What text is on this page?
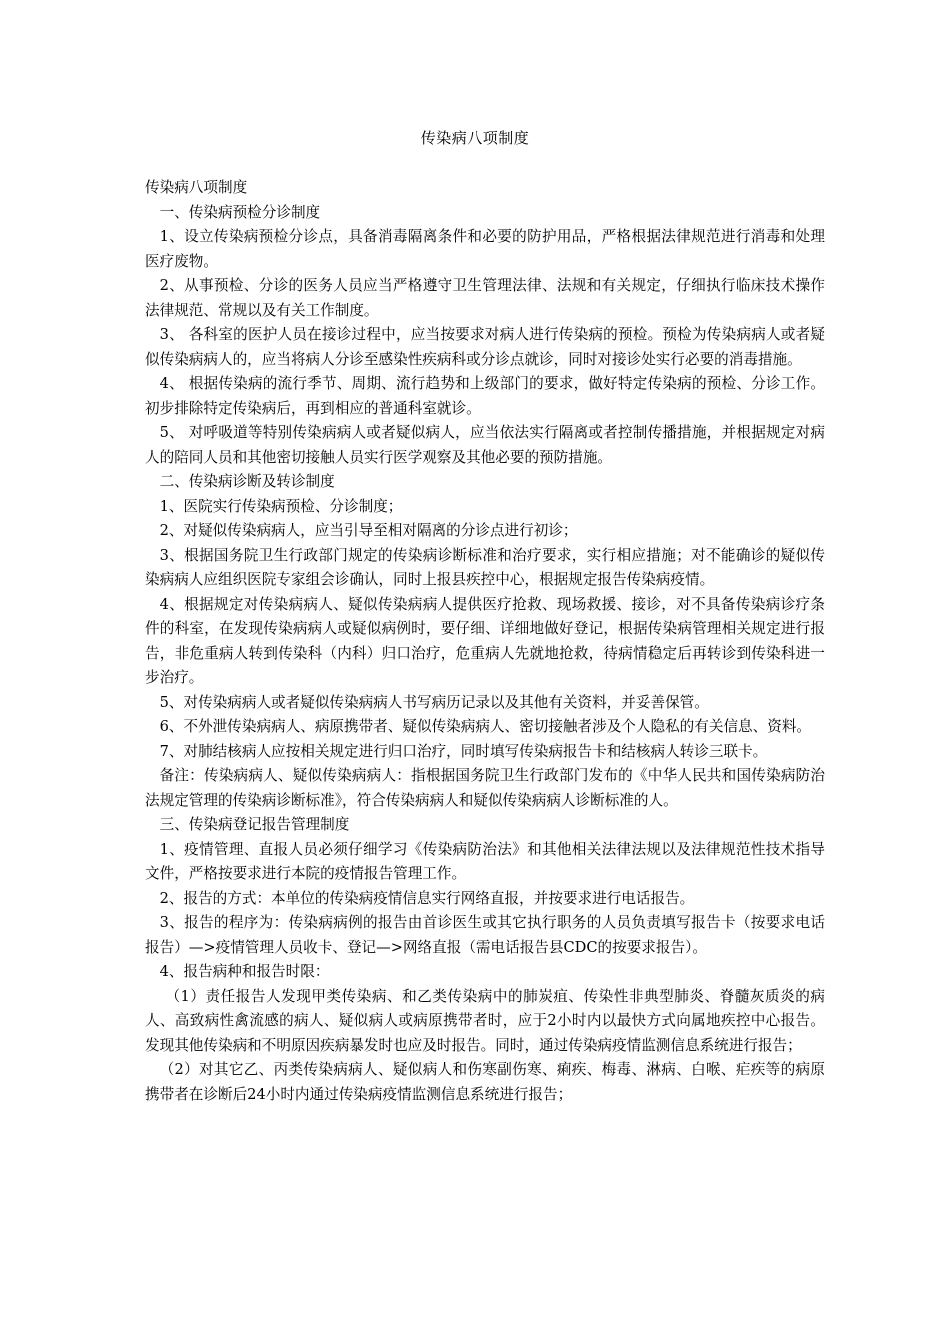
传染病八项制度

传染病八项制度

一、传染病预检分诊制度

1、设立传染病预检分诊点，具备消毒隔离条件和必要的防护用品，严格根据法律规范进行消毒和处理医疗废物。

2、从事预检、分诊的医务人员应当严格遵守卫生管理法律、法规和有关规定，仔细执行临床技术操作法律规范、常规以及有关工作制度。

3、 各科室的医护人员在接诊过程中，应当按要求对病人进行传染病的预检。预检为传染病病人或者疑似传染病病人的，应当将病人分诊至感染性疾病科或分诊点就诊，同时对接诊处实行必要的消毒措施。

4、 根据传染病的流行季节、周期、流行趋势和上级部门的要求，做好特定传染病的预检、分诊工作。初步排除特定传染病后，再到相应的普通科室就诊。

5、 对呼吸道等特别传染病病人或者疑似病人，应当依法实行隔离或者控制传播措施，并根据规定对病人的陪同人员和其他密切接触人员实行医学观察及其他必要的预防措施。

二、传染病诊断及转诊制度

1、医院实行传染病预检、分诊制度；

2、对疑似传染病病人，应当引导至相对隔离的分诊点进行初诊；

3、根据国务院卫生行政部门规定的传染病诊断标准和治疗要求，实行相应措施；对不能确诊的疑似传染病病人应组织医院专家组会诊确认，同时上报县疾控中心，根据规定报告传染病疫情。

4、根据规定对传染病病人、疑似传染病病人提供医疗抢救、现场救援、接诊，对不具备传染病诊疗条件的科室，在发现传染病病人或疑似病例时，要仔细、详细地做好登记，根据传染病管理相关规定进行报告，非危重病人转到传染科（内科）归口治疗，危重病人先就地抢救，待病情稳定后再转诊到传染科进一步治疗。

5、对传染病病人或者疑似传染病病人书写病历记录以及其他有关资料，并妥善保管。

6、不外泄传染病病人、病原携带者、疑似传染病病人、密切接触者涉及个人隐私的有关信息、资料。

7、对肺结核病人应按相关规定进行归口治疗，同时填写传染病报告卡和结核病人转诊三联卡。

备注：传染病病人、疑似传染病病人：指根据国务院卫生行政部门发布的《中华人民共和国传染病防治法规定管理的传染病诊断标准》，符合传染病病人和疑似传染病病人诊断标准的人。

三、传染病登记报告管理制度

1、疫情管理、直报人员必须仔细学习《传染病防治法》和其他相关法律法规以及法律规范性技术指导文件，严格按要求进行本院的疫情报告管理工作。

2、报告的方式：本单位的传染病疫情信息实行网络直报，并按要求进行电话报告。

3、报告的程序为：传染病病例的报告由首诊医生或其它执行职务的人员负责填写报告卡（按要求电话报告）—>疫情管理人员收卡、登记—>网络直报（需电话报告县CDC的按要求报告）。

4、报告病种和报告时限：

（1）责任报告人发现甲类传染病、和乙类传染病中的肺炭疽、传染性非典型肺炎、脊髓灰质炎的病人、高致病性禽流感的病人、疑似病人或病原携带者时，应于2小时内以最快方式向属地疾控中心报告。发现其他传染病和不明原因疾病暴发时也应及时报告。同时，通过传染病疫情监测信息系统进行报告；

（2）对其它乙、丙类传染病病人、疑似病人和伤寒副伤寒、痢疾、梅毒、淋病、白喉、疟疾等的病原携带者在诊断后24小时内通过传染病疫情监测信息系统进行报告；
